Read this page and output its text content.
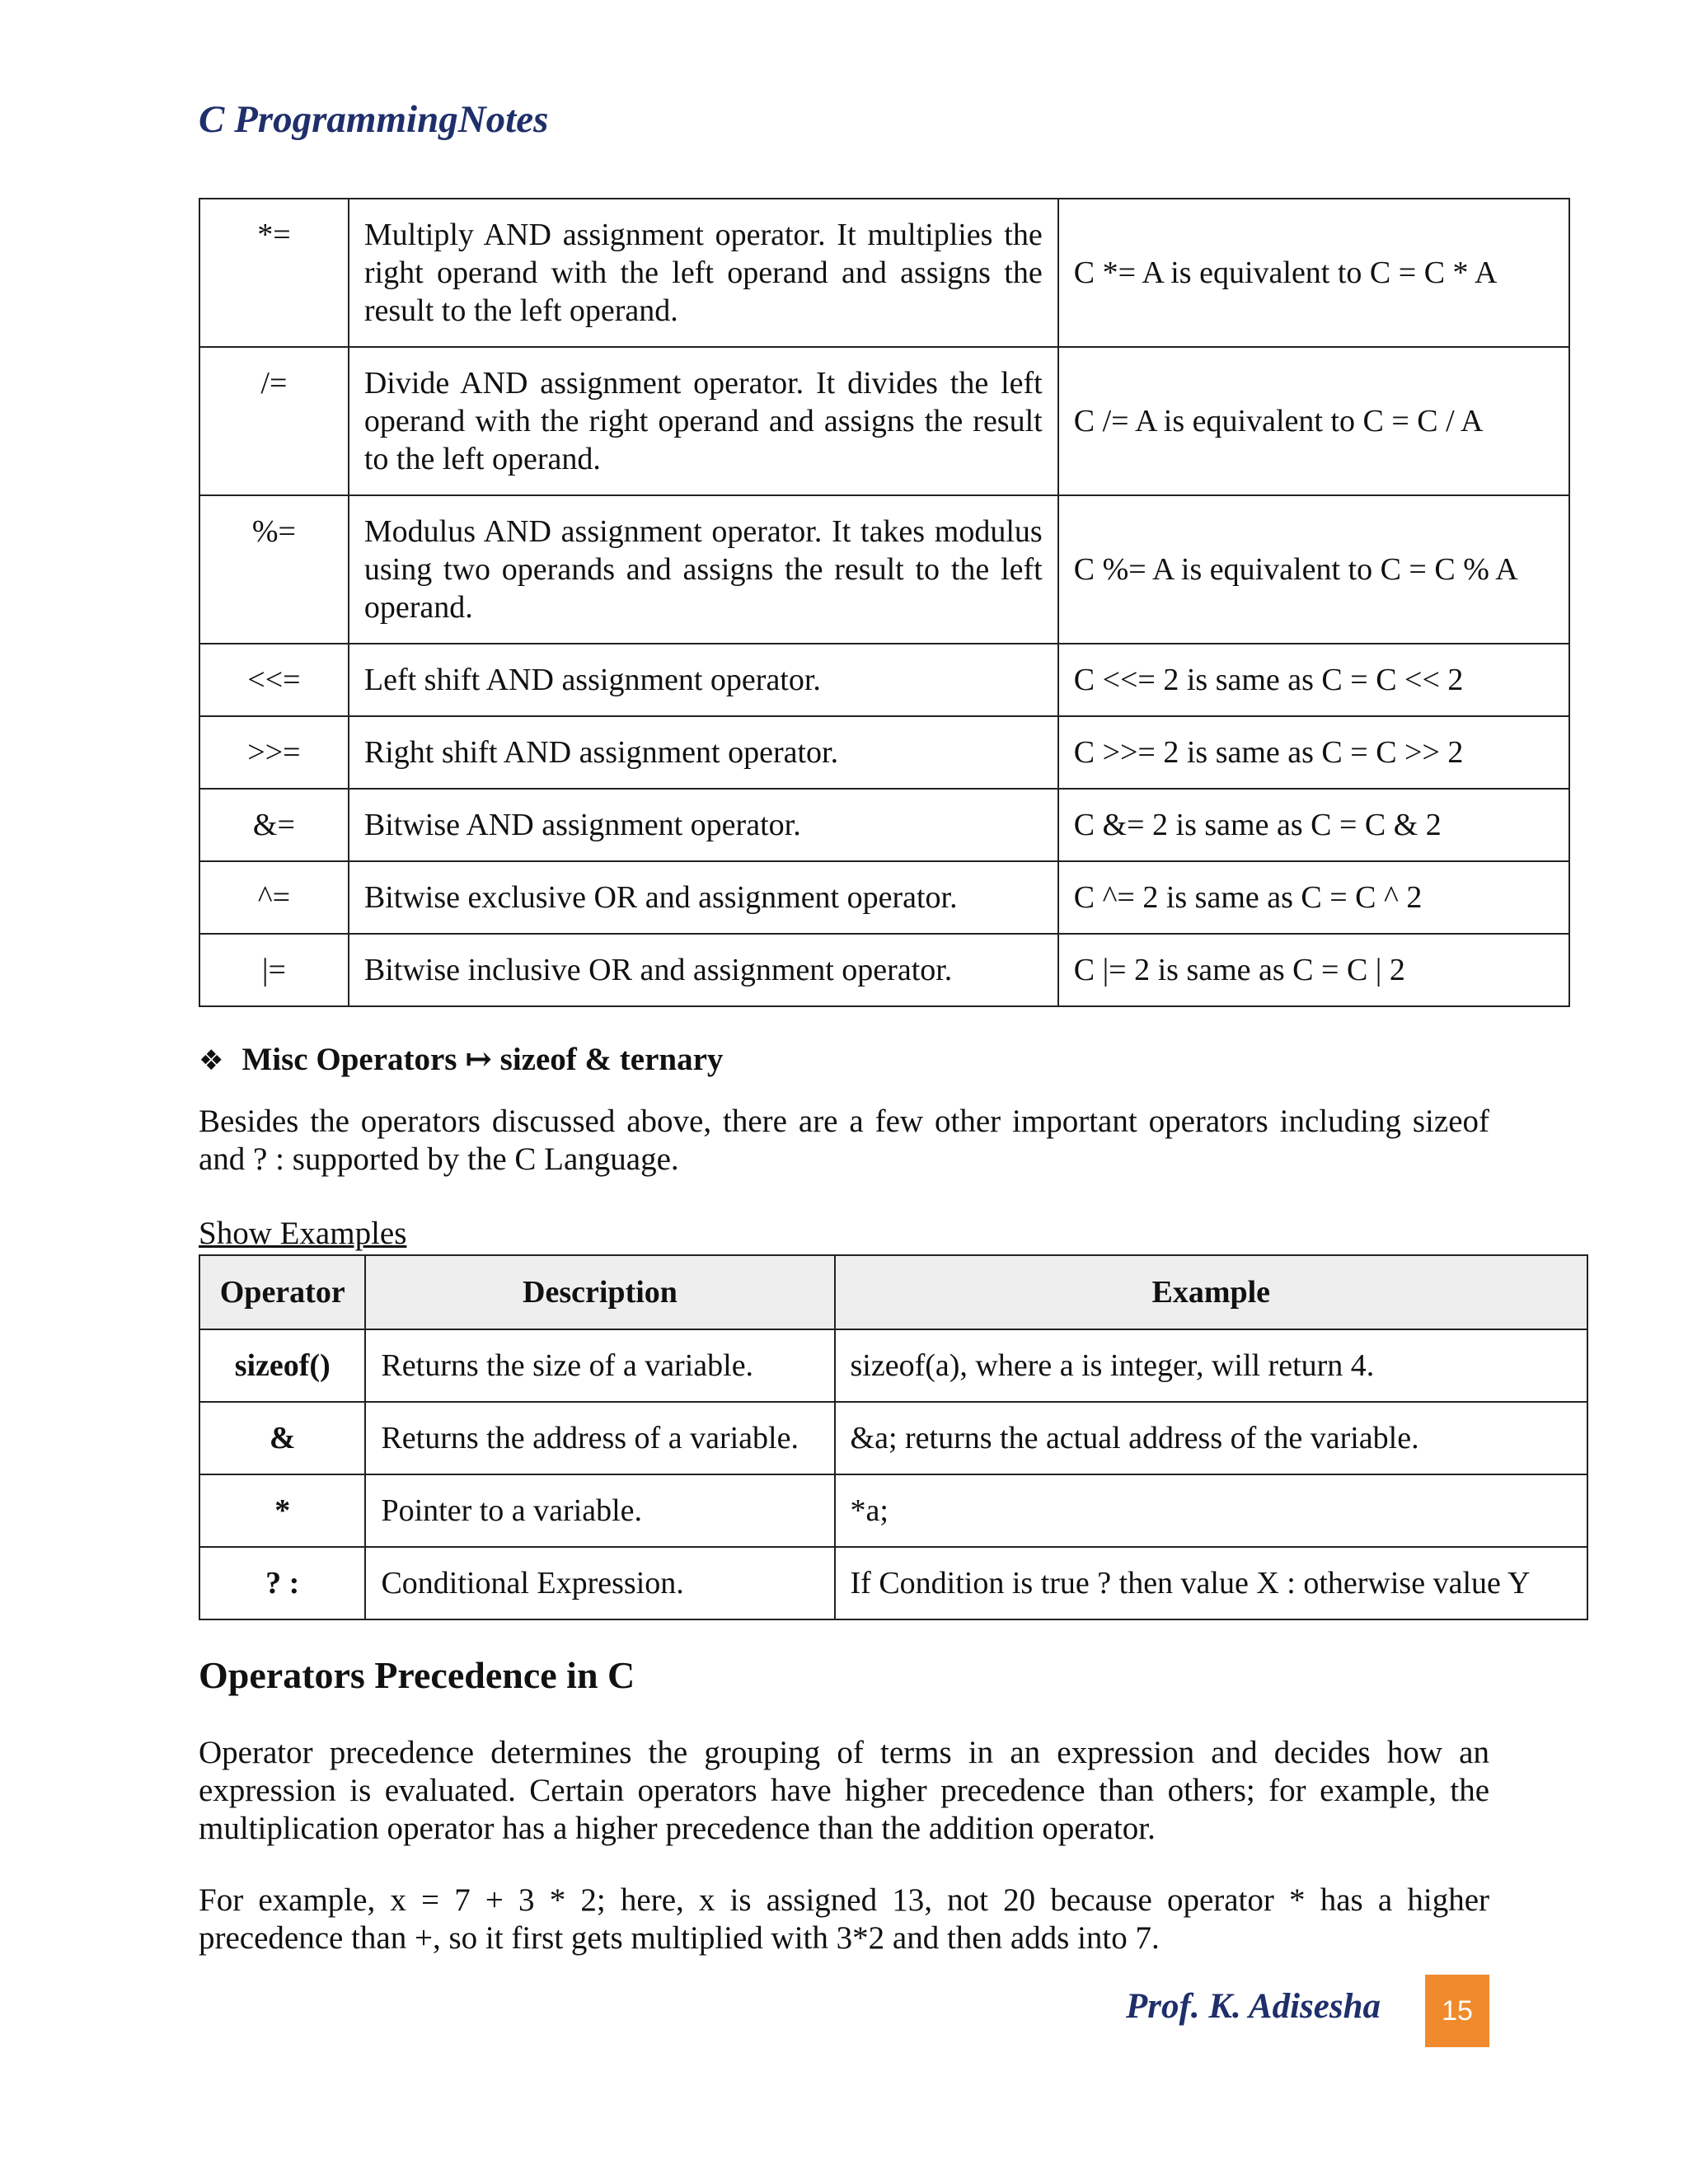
C ProgrammingNotes
*=	Multiply AND assignment operator. It multiplies the right operand with the left operand and assigns the result to the left operand.	C *= A is equivalent to C = C * A
/=	Divide AND assignment operator. It divides the left operand with the right operand and assigns the result to the left operand.	C /= A is equivalent to C = C / A
%=	Modulus AND assignment operator. It takes modulus using two operands and assigns the result to the left operand.	C %= A is equivalent to C = C % A
<<=	Left shift AND assignment operator.	C <<= 2 is same as C = C << 2
>>=	Right shift AND assignment operator.	C >>= 2 is same as C = C >> 2
&=	Bitwise AND assignment operator.	C &= 2 is same as C = C & 2
^=	Bitwise exclusive OR and assignment operator.	C ^= 2 is same as C = C ^ 2
|=	Bitwise inclusive OR and assignment operator.	C |= 2 is same as C = C | 2
❖ Misc Operators ↦ sizeof & ternary

Besides the operators discussed above, there are a few other important operators including sizeof and ? : supported by the C Language.

Show Examples

Operator	Description	Example
sizeof()	Returns the size of a variable.	sizeof(a), where a is integer, will return 4.
&	Returns the address of a variable.	&a; returns the actual address of the variable.
*	Pointer to a variable.	*a;
? :	Conditional Expression.	If Condition is true ? then value X : otherwise value Y
Operators Precedence in C

Operator precedence determines the grouping of terms in an expression and decides how an expression is evaluated. Certain operators have higher precedence than others; for example, the multiplication operator has a higher precedence than the addition operator.

For example, x = 7 + 3 * 2; here, x is assigned 13, not 20 because operator * has a higher precedence than +, so it first gets multiplied with 3*2 and then adds into 7.

Prof. K. Adisesha	15
